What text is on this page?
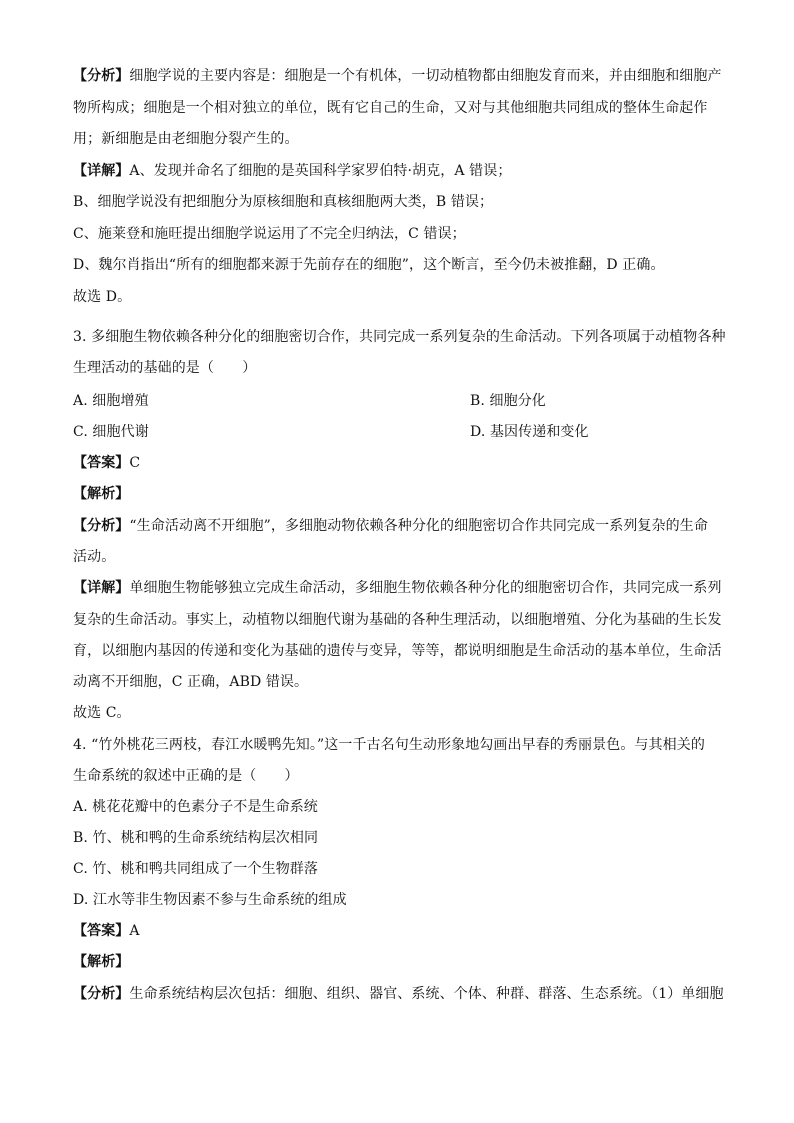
【分析】细胞学说的主要内容是：细胞是一个有机体，一切动植物都由细胞发育而来，并由细胞和细胞产
物所构成；细胞是一个相对独立的单位，既有它自己的生命，又对与其他细胞共同组成的整体生命起作
用；新细胞是由老细胞分裂产生的。
【详解】A、发现并命名了细胞的是英国科学家罗伯特·胡克，A 错误；
B、细胞学说没有把细胞分为原核细胞和真核细胞两大类，B 错误；
C、施莱登和施旺提出细胞学说运用了不完全归纳法，C 错误；
D、魏尔肖指出“所有的细胞都来源于先前存在的细胞”，这个断言，至今仍未被推翻，D 正确。
故选 D。
3. 多细胞生物依赖各种分化的细胞密切合作，共同完成一系列复杂的生命活动。下列各项属于动植物各种
生理活动的基础的是（　　）
A. 细胞增殖	B. 细胞分化
C. 细胞代谢	D. 基因传递和变化
【答案】C
【解析】
【分析】“生命活动离不开细胞”，多细胞动物依赖各种分化的细胞密切合作共同完成一系列复杂的生命
活动。
【详解】单细胞生物能够独立完成生命活动，多细胞生物依赖各种分化的细胞密切合作，共同完成一系列
复杂的生命活动。事实上，动植物以细胞代谢为基础的各种生理活动，以细胞增殖、分化为基础的生长发
育，以细胞内基因的传递和变化为基础的遗传与变异，等等，都说明细胞是生命活动的基本单位，生命活
动离不开细胞，C 正确，ABD 错误。
故选 C。
4. “竹外桃花三两枝，春江水暖鸭先知。”这一千古名句生动形象地勾画出早春的秀丽景色。与其相关的
生命系统的叙述中正确的是（　　）
A. 桃花花瓣中的色素分子不是生命系统
B. 竹、桃和鸭的生命系统结构层次相同
C. 竹、桃和鸭共同组成了一个生物群落
D. 江水等非生物因素不参与生命系统的组成
【答案】A
【解析】
【分析】生命系统结构层次包括：细胞、组织、器官、系统、个体、种群、群落、生态系统。（1）单细胞
